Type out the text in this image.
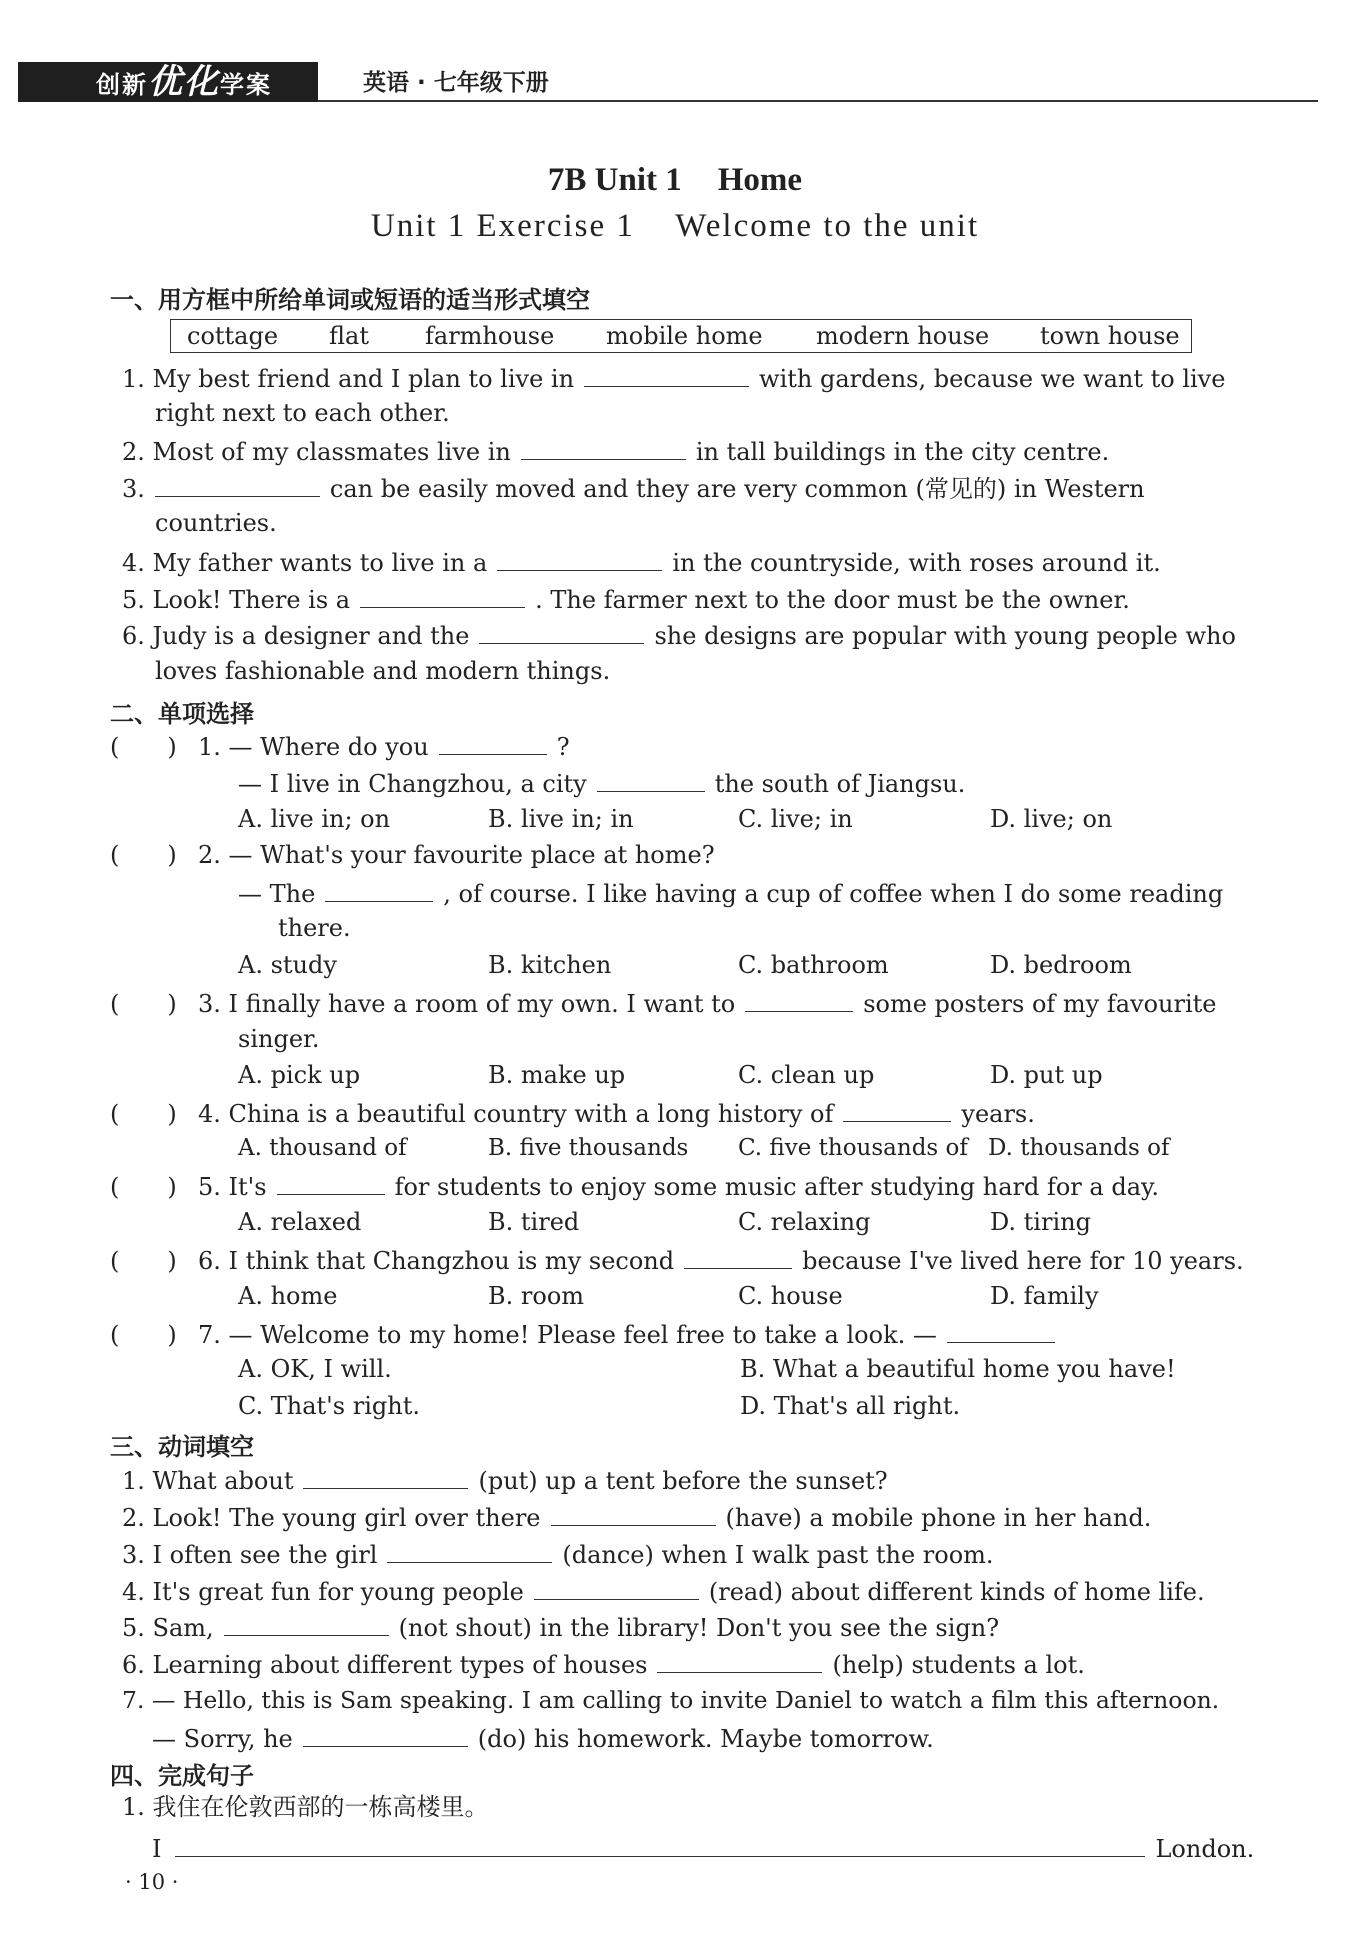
创新优化学案	英语 · 七年级下册
7B Unit 1 Home
Unit 1 Exercise 1    Welcome to the unit
一、用方框中所给单词或短语的适当形式填空
cottage	flat	farmhouse	mobile home	modern house	town house
1. My best friend and I plan to live in	with gardens, because we want to live
right next to each other.
2. Most of my classmates live in	in tall buildings in the city centre.
3.	can be easily moved and they are very common (常见的) in Western
countries.
4. My father wants to live in a	in the countryside, with roses around it.
5. Look! There is a	. The farmer next to the door must be the owner.
6. Judy is a designer and the	she designs are popular with young people who
loves fashionable and modern things.
二、单项选择
( ) 1. — Where do you	?
— I live in Changzhou, a city	the south of Jiangsu.
A. live in; on	B. live in; in	C. live; in	D. live; on
( ) 2. — What's your favourite place at home?
— The	, of course. I like having a cup of coffee when I do some reading
there.
A. study	B. kitchen	C. bathroom	D. bedroom
( ) 3. I finally have a room of my own. I want to	some posters of my favourite
singer.
A. pick up	B. make up	C. clean up	D. put up
( ) 4. China is a beautiful country with a long history of	years.
A. thousand of	B. five thousands C. five thousands of D. thousands of
( ) 5. It's	for students to enjoy some music after studying hard for a day.
A. relaxed	B. tired	C. relaxing	D. tiring
( ) 6. I think that Changzhou is my second	because I've lived here for 10 years.
A. home	B. room	C. house	D. family
( ) 7. — Welcome to my home! Please feel free to take a look. —
A. OK, I will.	B. What a beautiful home you have!
C. That's right.	D. That's all right.
三、动词填空
1. What about	(put) up a tent before the sunset?
2. Look! The young girl over there	(have) a mobile phone in her hand.
3. I often see the girl	(dance) when I walk past the room.
4. It's great fun for young people	(read) about different kinds of home life.
5. Sam,	(not shout) in the library! Don't you see the sign?
6. Learning about different types of houses	(help) students a lot.
7. — Hello, this is Sam speaking. I am calling to invite Daniel to watch a film this afternoon.
— Sorry, he	(do) his homework. Maybe tomorrow.
四、完成句子
1. 我住在伦敦西部的一栋高楼里。
I	London.
· 10 ·
